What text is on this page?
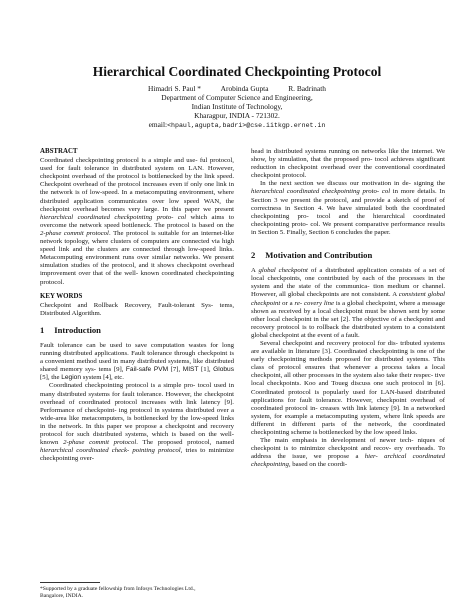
Hierarchical Coordinated Checkpointing Protocol
Himadri S. Paul *	Arobinda Gupta	R. Badrinath
Department of Computer Science and Engineering,
Indian Institute of Technology,
Kharagpur, INDIA - 721302.
email:<hpaul,agupta,badri>@cse.iitkgp.ernet.in
ABSTRACT

Coordinated checkpointing protocol is a simple and use- ful protocol, used for fault tolerance in distributed system on LAN. However, checkpoint overhead of the protocol is bottlenecked by the link speed. Checkpoint overhead of the protocol increases even if only one link in the network is of low-speed. In a metacomputing environment, where distributed application communicates over low speed WAN, the checkpoint overhead becomes very large. In this paper we present hierarchical coordinated checkpointing proto- col which aims to overcome the network speed bottleneck. The protocol is based on the 2-phase commit protocol. The protocol is suitable for an internet-like network topology, where clusters of computers are connected via high speed link and the clusters are connected through low-speed links. Metacomputing environment runs over similar networks. We present simulation studies of the protocol, and it shows checkpoint overhead improvement over that of the well- known coordinated checkpointing protocol.

KEY WORDS

Checkpoint and Rollback Recovery, Fault-tolerant Sys- tems, Distributed Algorithm.

1 Introduction

Fault tolerance can be used to save computation wastes for long running distributed applications. Fault tolerance through checkpoint is a convenient method used in many distributed systems, like distributed shared memory sys- tems [9], Fail-safe PVM [7], MIST [1], Globus [5], the Legion system [4], etc.

Coordinated checkpointing protocol is a simple pro- tocol used in many distributed systems for fault tolerance. However, the checkpoint overhead of coordinated protocol increases with link latency [9]. Performance of checkpoint- ing protocol in systems distributed over a wide-area like metacomputers, is bottlenecked by the low-speed links in the network. In this paper we propose a checkpoint and recovery protocol for such distributed systems, which is based on the well-known 2-phase commit protocol. The proposed protocol, named hierarchical coordinated check- pointing protocol, tries to minimize checkpointing over-

*Supported by a graduate fellowship from Infosys Technologies Ltd.,
Bangalore, INDIA.

head in distributed systems running on networks like the internet. We show, by simulation, that the proposed pro- tocol achieves significant reduction in checkpoint overhead over the conventional coordinated checkpoint protocol.

In the next section we discuss our motivation in de- signing the hierarchical coordinated checkpointing proto- col in more details. In Section 3 we present the protocol, and provide a sketch of proof of correctness in Section 4. We have simulated both the coordinated checkpointing pro- tocol and the hierarchical coordinated checkpointing proto- col. We present comparative performance results in Section 5. Finally, Section 6 concludes the paper.

2 Motivation and Contribution

A global checkpoint of a distributed application consists of a set of local checkpoints, one contributed by each of the processes in the system and the state of the communica- tion medium or channel. However, all global checkpoints are not consistent. A consistent global checkpoint or a re- covery line is a global checkpoint, where a message shown as received by a local checkpoint must be shown sent by some other local checkpoint in the set [2]. The objective of a checkpoint and recovery protocol is to rollback the distributed system to a consistent global checkpoint at the event of a fault.

Several checkpoint and recovery protocol for dis- tributed systems are available in literature [3]. Coordinated checkpointing is one of the early checkpointing methods proposed for distributed systems. This class of protocol ensures that whenever a process takes a local checkpoint, all other processes in the system also take their respec- tive local checkpoints. Koo and Toueg discuss one such protocol in [6]. Coordinated protocol is popularly used for LAN-based distributed applications for fault tolerance. However, checkpoint overhead of coordinated protocol in- creases with link latency [9]. In a networked system, for example a metacomputing system, where link speeds are different in different parts of the network, the coordinated checkpointing scheme is bottlenecked by the low speed links.

The main emphasis in development of newer tech- niques of checkpoint is to minimize checkpoint and recov- ery overheads. To address the issue, we propose a hier- archical coordinated checkpointing, based on the coordi-
